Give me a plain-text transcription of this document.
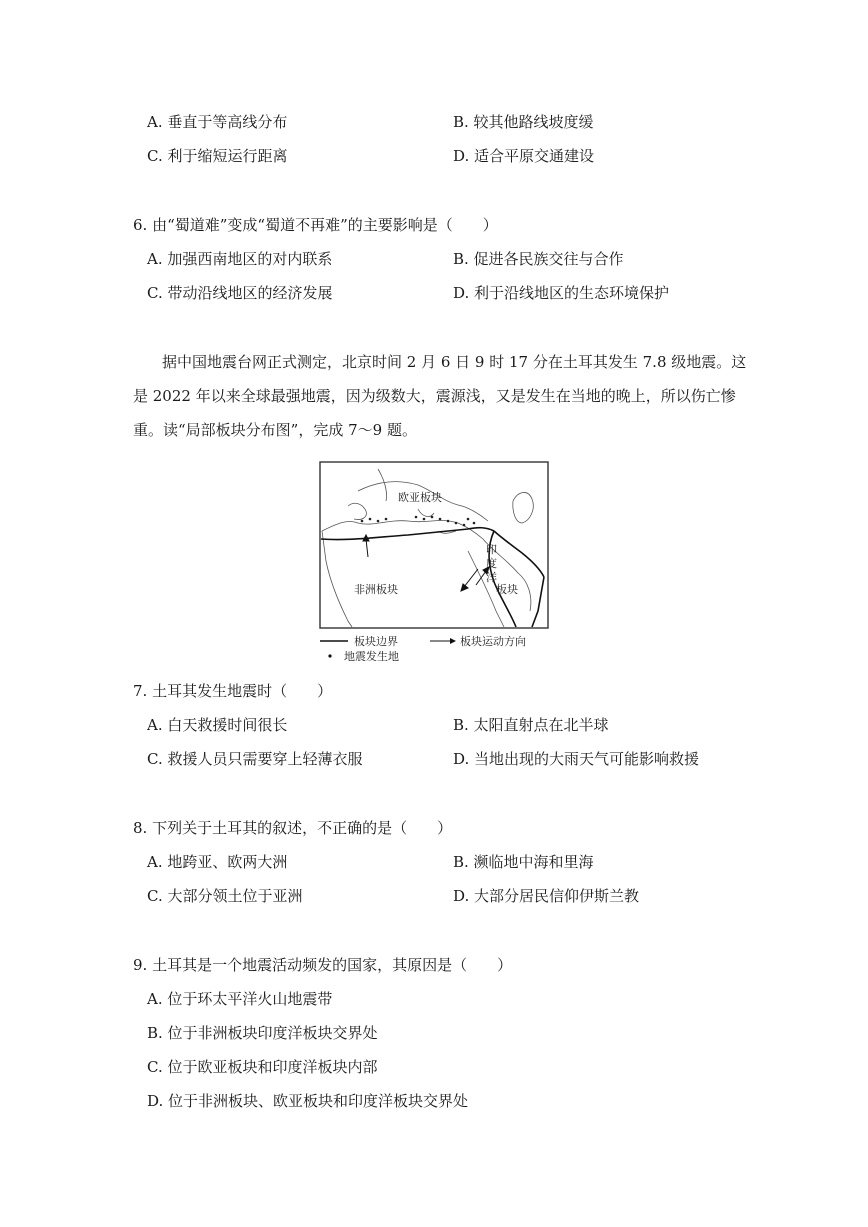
A. 垂直于等高线分布	B. 较其他路线坡度缓
C. 利于缩短运行距离	D. 适合平原交通建设
6. 由“蜀道难”变成“蜀道不再难”的主要影响是（　　）
A. 加强西南地区的对内联系	B. 促进各民族交往与合作
C. 带动沿线地区的经济发展	D. 利于沿线地区的生态环境保护
据中国地震台网正式测定，北京时间 2 月 6 日 9 时 17 分在土耳其发生 7.8 级地震。这
是 2022 年以来全球最强地震，因为级数大，震源浅，又是发生在当地的晚上，所以伤亡惨
重。读“局部板块分布图”，完成 7～9 题。
欧亚板块
非洲板块
印
度
洋
板块
板块边界	板块运动方向
地震发生地
7. 土耳其发生地震时（　　）
A. 白天救援时间很长	B. 太阳直射点在北半球
C. 救援人员只需要穿上轻薄衣服	D. 当地出现的大雨天气可能影响救援
8. 下列关于土耳其的叙述，不正确的是（　　）
A. 地跨亚、欧两大洲	B. 濒临地中海和里海
C. 大部分领土位于亚洲	D. 大部分居民信仰伊斯兰教
9. 土耳其是一个地震活动频发的国家，其原因是（　　）
A. 位于环太平洋火山地震带
B. 位于非洲板块印度洋板块交界处
C. 位于欧亚板块和印度洋板块内部
D. 位于非洲板块、欧亚板块和印度洋板块交界处
